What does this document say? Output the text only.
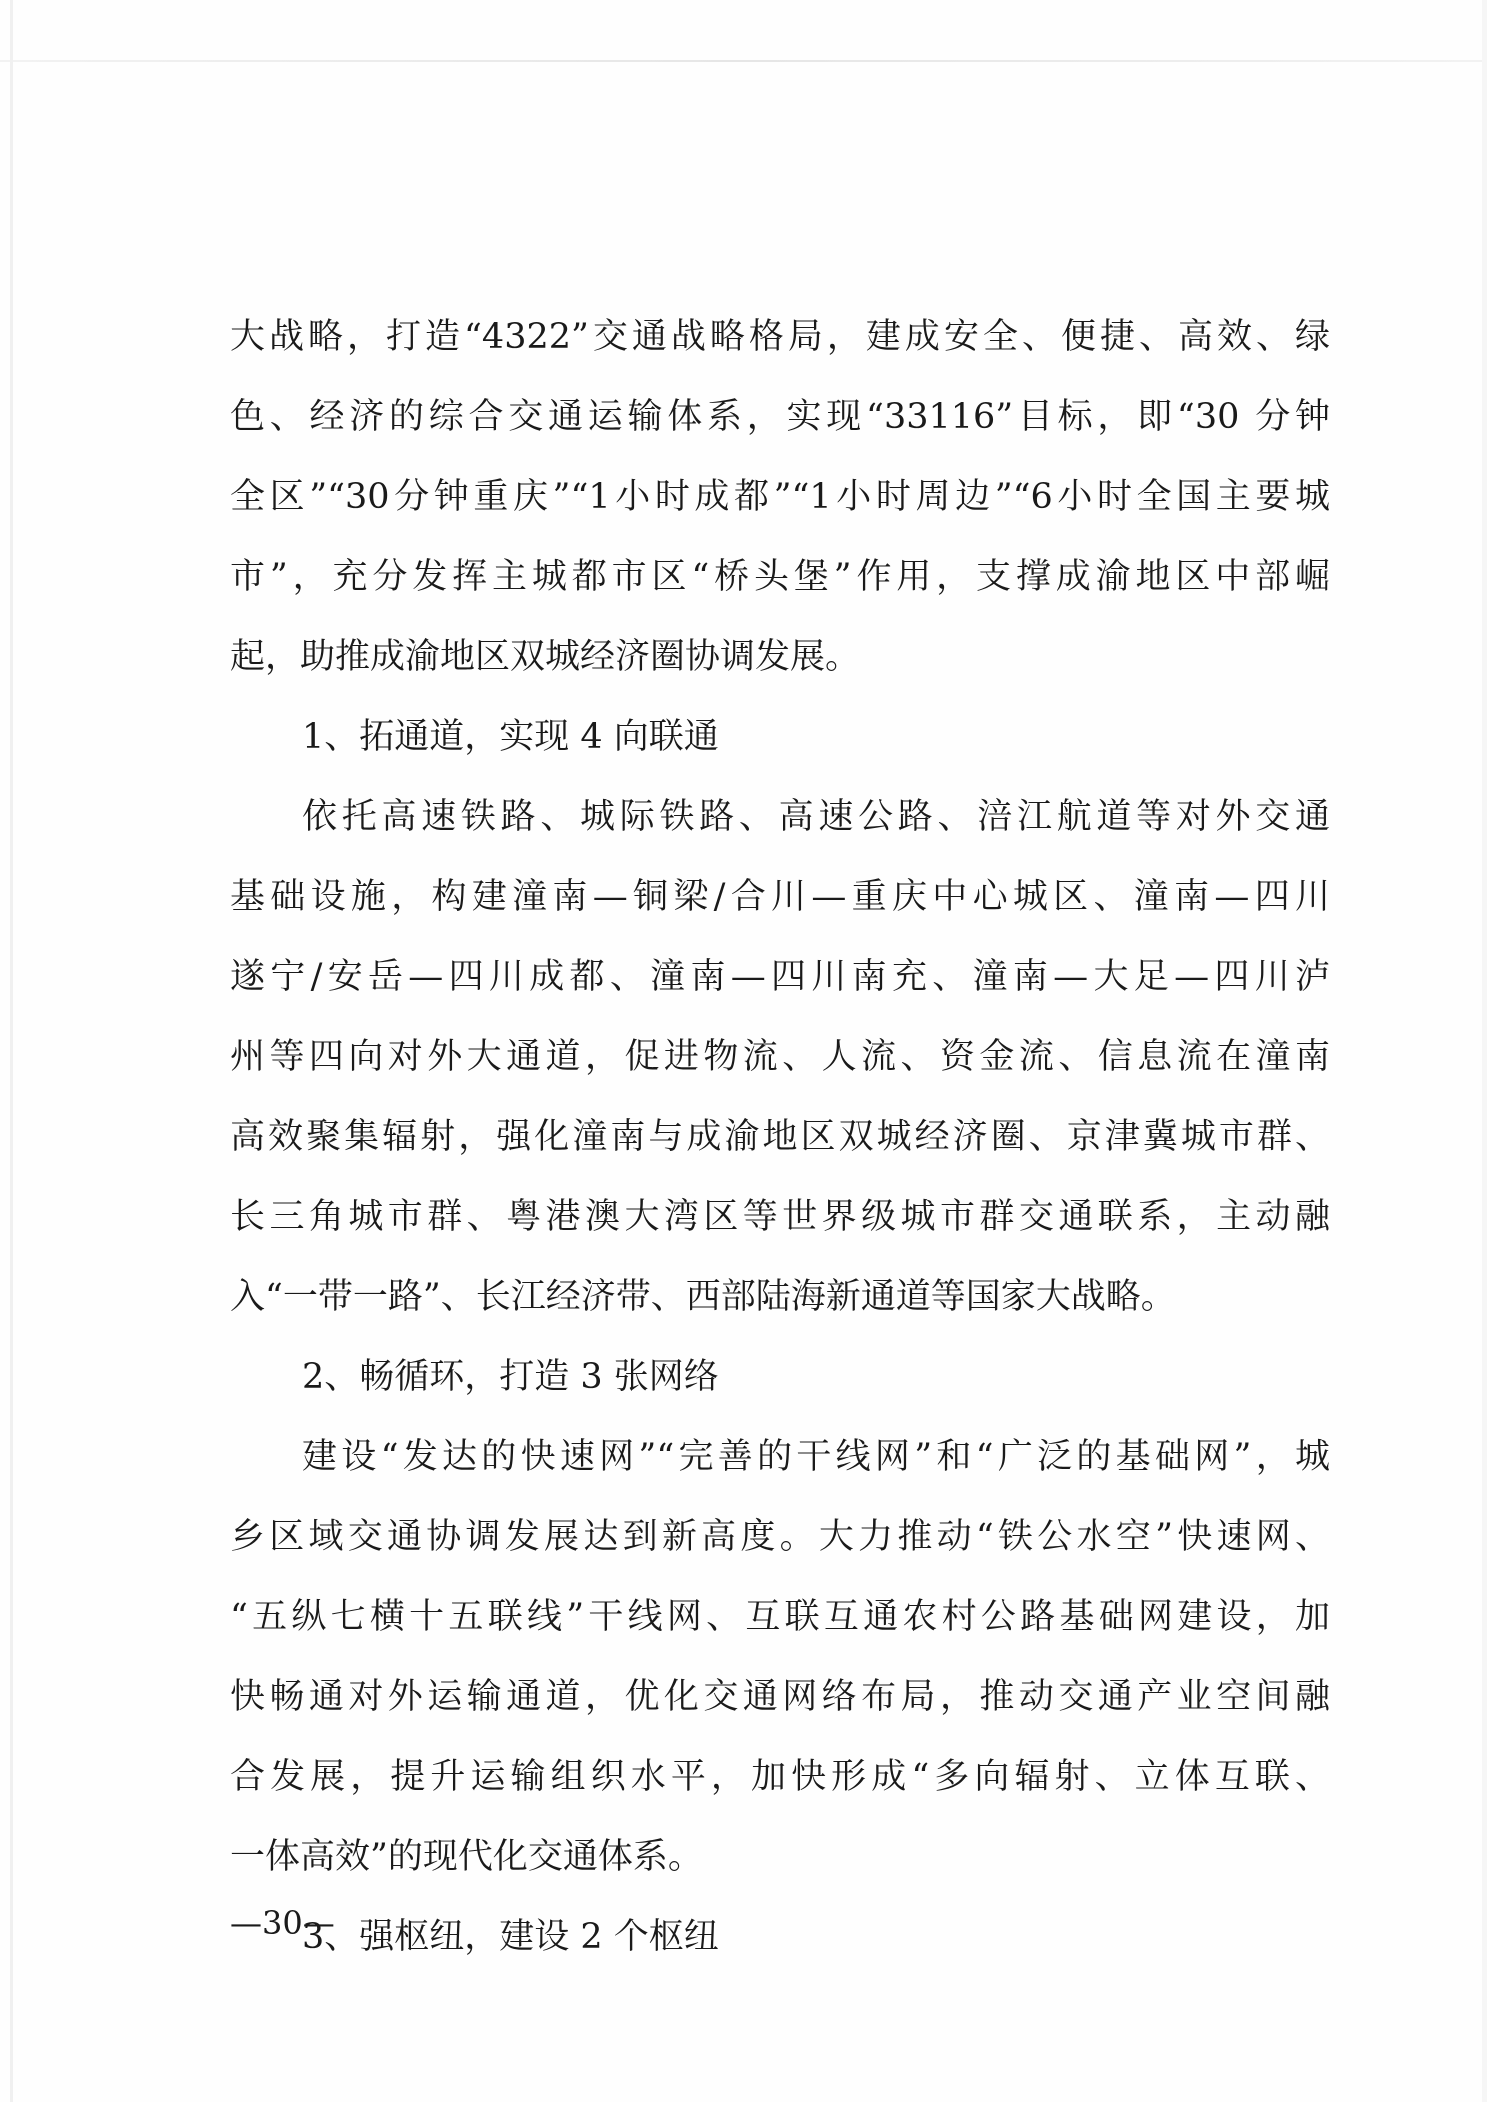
大战略，打造“4322”交通战略格局，建成安全、便捷、高效、绿
色、经济的综合交通运输体系，实现“33116”目标，即“30 分钟
全区”“30分钟重庆”“1小时成都”“1小时周边”“6小时全国主要城
市”，充分发挥主城都市区“桥头堡”作用，支撑成渝地区中部崛
起，助推成渝地区双城经济圈协调发展。
1、拓通道，实现 4 向联通
依托高速铁路、城际铁路、高速公路、涪江航道等对外交通
基础设施，构建潼南—铜梁/合川—重庆中心城区、潼南—四川
遂宁/安岳—四川成都、潼南—四川南充、潼南—大足—四川泸
州等四向对外大通道，促进物流、人流、资金流、信息流在潼南
高效聚集辐射，强化潼南与成渝地区双城经济圈、京津冀城市群、
长三角城市群、粤港澳大湾区等世界级城市群交通联系，主动融
入“一带一路”、长江经济带、西部陆海新通道等国家大战略。
2、畅循环，打造 3 张网络
建设“发达的快速网”“完善的干线网”和“广泛的基础网”，城
乡区域交通协调发展达到新高度。大力推动“铁公水空”快速网、
“五纵七横十五联线”干线网、互联互通农村公路基础网建设，加
快畅通对外运输通道，优化交通网络布局，推动交通产业空间融
合发展，提升运输组织水平，加快形成“多向辐射、立体互联、
一体高效”的现代化交通体系。
3、强枢纽，建设 2 个枢纽
—30—
